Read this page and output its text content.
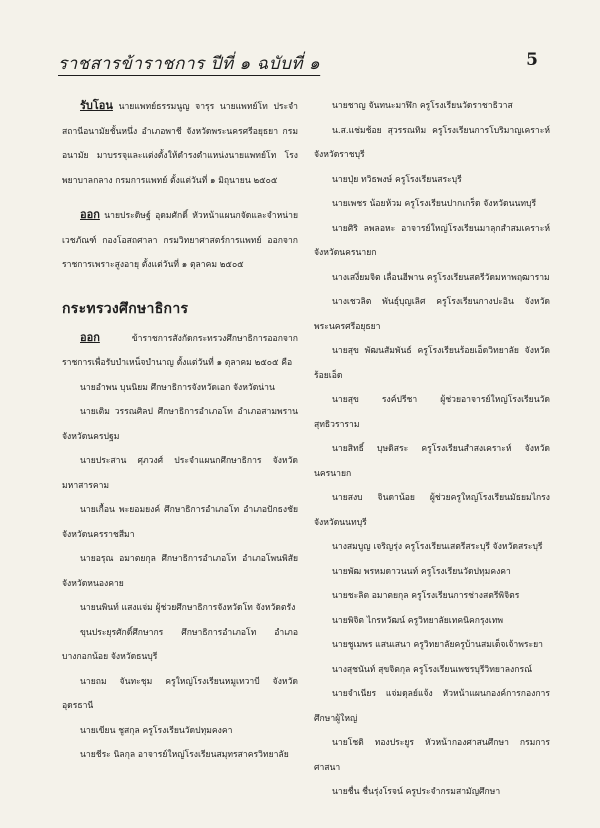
ราชสารข้าราชการ ปีที่ ๑ ฉบับที่ ๑	5

รับโอน นายแพทย์ธรรมนูญ จารุร นายแพทย์โท ประจำสถานีอนามัยชั้นหนึ่ง อำเภอพาชี จังหวัดพระนครศรีอยุธยา กรมอนามัย มาบรรจุและแต่งตั้งให้ดำรงตำแหน่งนายแพทย์โท โรงพยาบาลกลาง กรมการแพทย์ ตั้งแต่วันที่ ๑ มิถุนายน ๒๕๐๕

ออก นายประดิษฐ์ อุดมศักดิ์ หัวหน้าแผนกจัดและจำหน่ายเวชภัณฑ์ กองโอสถศาลา กรมวิทยาศาสตร์การแพทย์ ออกจากราชการเพราะสูงอายุ ตั้งแต่วันที่ ๑ ตุลาคม ๒๕๐๕

กระทรวงศึกษาธิการ

ออก ข้าราชการสังกัดกระทรวงศึกษาธิการออกจากราชการเพื่อรับบำเหน็จบำนาญ ตั้งแต่วันที่ ๑ ตุลาคม ๒๕๐๕ คือ

นายอำพน บุนนิยม ศึกษาธิการจังหวัดเอก จังหวัดน่าน

นายเติม วรรณศิลป ศึกษาธิการอำเภอโท อำเภอสามพราน จังหวัดนครปฐม

นายประสาน ศุภวงศ์ ประจำแผนกศึกษาธิการ จังหวัดมหาสารคาม

นายเกื้อน พะยอมยงค์ ศึกษาธิการอำเภอโท อำเภอปักธงชัย จังหวัดนครราชสีมา

นายอรุณ อมาตยกุล ศึกษาธิการอำเภอโท อำเภอโพนพิสัย จังหวัดหนองคาย

นายนพินท์ แสงแจ่ม ผู้ช่วยศึกษาธิการจังหวัดโท จังหวัดตรัง

ขุนประยุรศักดิ์ศึกษากร ศึกษาธิการอำเภอโท อำเภอบางกอกน้อย จังหวัดธนบุรี

นายถม จันทะชุม ครูใหญ่โรงเรียนหมูเทวาบี จังหวัดอุดรธานี

นายเขียน ชูสกุล ครูโรงเรียนวัดปทุมคงคา

นายชีระ นิลกุล อาจารย์ใหญ่โรงเรียนสมุทรสาครวิทยาลัย

นายชาญ จันทนะมาฬิก ครูโรงเรียนวัดราชาธิวาส

น.ส.แช่มช้อย สุวรรณทิม ครูโรงเรียนการโบริมาญเคราะห์ จังหวัดราชบุรี

นายปุ่ย ทวิธพงษ์ ครูโรงเรียนสระบุรี

นายเพชร น้อยห้วม ครูโรงเรียนปากเกร็ด จังหวัดนนทบุรี

นายศิริ ลพลอหะ อาจารย์ใหญ่โรงเรียนมาลุกสำสมเคราะห์ จังหวัดนครนายก

นางเสงี่ยมจิต เลื่อนฮีพาน ครูโรงเรียนสตรีวัดมหาพฤฒาราม

นางเชวลิต พันธุ์บุญเลิศ ครูโรงเรียนกางปะอิน จังหวัดพระนครศรีอยุธยา

นายสุข พัฒนสัมพันธ์ ครูโรงเรียนร้อยเอ็ดวิทยาลัย จังหวัดร้อยเอ็ด

นายสุข รงค์ปรีชา ผู้ช่วยอาจารย์ใหญ่โรงเรียนวัดสุทธิวราราม

นายสิทธิ์ บุษดิสระ ครูโรงเรียนสำสงเคราะห์ จังหวัดนครนายก

นายสงบ จินดาน้อย ผู้ช่วยครูใหญ่โรงเรียนมัธยมไกรง จังหวัดนนทบุรี

นางสมบูญ เจริญรุ่ง ครูโรงเรียนเสตรีสระบุรี จังหวัดสระบุรี

นายพัฒ พรหมดาวนนท์ ครูโรงเรียนวัดปทุมคงคา

นายชะลิต อมาตยกุล ครูโรงเรียนการช่างสตรีพิจิตร

นายพิจิต ไกรหวัฒน์ ครูวิทยาลัยเทคนิคกรุงเทพ

นายชูเมพร แสนเสนา ครูวิทยาลัยครูบ้านสมเด็จเจ้าพระยา

นางสุชนันท์ สุขจิตกุล ครูโรงเรียนเพชรบุรีวิทยาลงกรณ์

นายจำเนียร แจ่มดุลย์แจ้ง หัวหน้าแผนกองค์การกองการศึกษาผู้ใหญ่

นายโชติ ทองประยูร หัวหน้ากองศาสนศึกษา กรมการศาสนา

นายชื่น ชื่นรุ่งโรจน์ ครูประจำกรมสามัญศึกษา
